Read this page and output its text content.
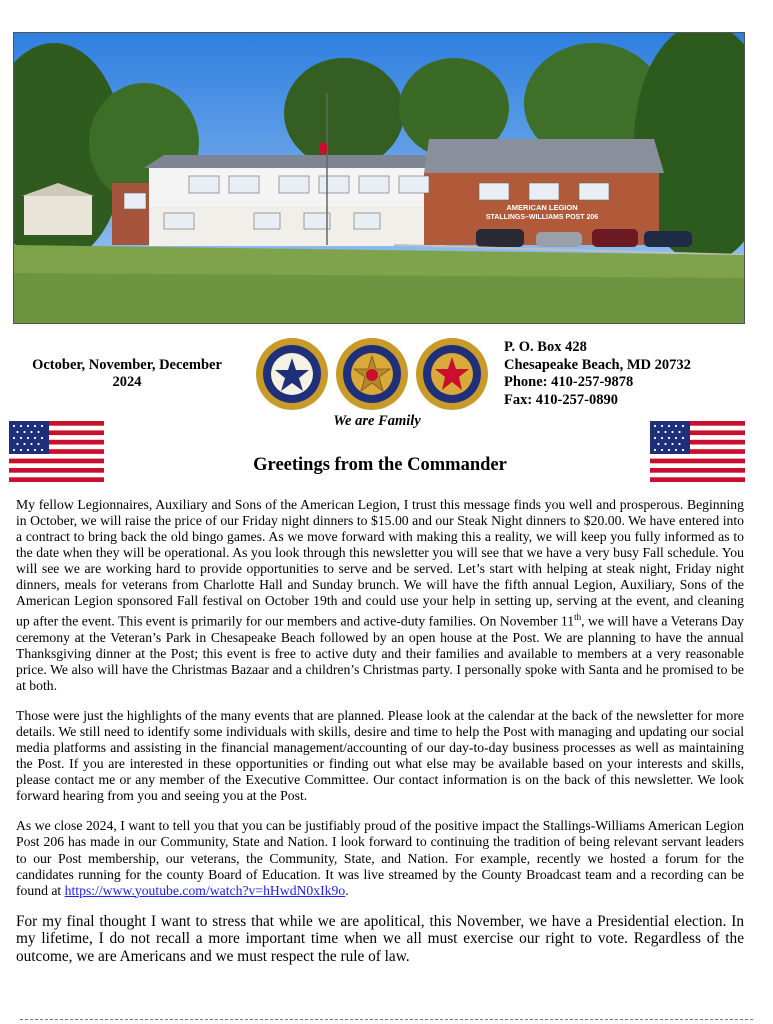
AMERICAN LEGION
STALLINGS–WILLIAMS POST 206
October, November, December
2024
We are Family
P. O. Box 428
Chesapeake Beach, MD 20732
Phone: 410-257-9878
Fax: 410-257-0890
Greetings from the Commander

My fellow Legionnaires, Auxiliary and Sons of the American Legion, I trust this message finds you well and prosperous. Beginning in October, we will raise the price of our Friday night dinners to $15.00 and our Steak Night dinners to $20.00. We have entered into a contract to bring back the old bingo games. As we move forward with making this a reality, we will keep you fully informed as to the date when they will be operational. As you look through this newsletter you will see that we have a very busy Fall schedule. You will see we are working hard to provide opportunities to serve and be served. Let’s start with helping at steak night, Friday night dinners, meals for veterans from Charlotte Hall and Sunday brunch. We will have the fifth annual Legion, Auxiliary, Sons of the American Legion sponsored Fall festival on October 19th and could use your help in setting up, serving at the event, and cleaning up after the event. This event is primarily for our members and active-duty families. On November 11th, we will have a Veterans Day ceremony at the Veteran’s Park in Chesapeake Beach followed by an open house at the Post. We are planning to have the annual Thanksgiving dinner at the Post; this event is free to active duty and their families and available to members at a very reasonable price. We also will have the Christmas Bazaar and a children’s Christmas party. I personally spoke with Santa and he promised to be at both.

Those were just the highlights of the many events that are planned. Please look at the calendar at the back of the newsletter for more details. We still need to identify some individuals with skills, desire and time to help the Post with managing and updating our social media platforms and assisting in the financial management/accounting of our day-to-day business processes as well as maintaining the Post. If you are interested in these opportunities or finding out what else may be available based on your interests and skills, please contact me or any member of the Executive Committee. Our contact information is on the back of this newsletter. We look forward hearing from you and seeing you at the Post.

As we close 2024, I want to tell you that you can be justifiably proud of the positive impact the Stallings-Williams American Legion Post 206 has made in our Community, State and Nation. I look forward to continuing the tradition of being relevant servant leaders to our Post membership, our veterans, the Community, State, and Nation. For example, recently we hosted a forum for the candidates running for the county Board of Education. It was live streamed by the County Broadcast team and a recording can be found at https://www.youtube.com/watch?v=hHwdN0xIk9o.

For my final thought I want to stress that while we are apolitical, this November, we have a Presidential election. In my lifetime, I do not recall a more important time when we all must exercise our right to vote. Regardless of the outcome, we are Americans and we must respect the rule of law.
